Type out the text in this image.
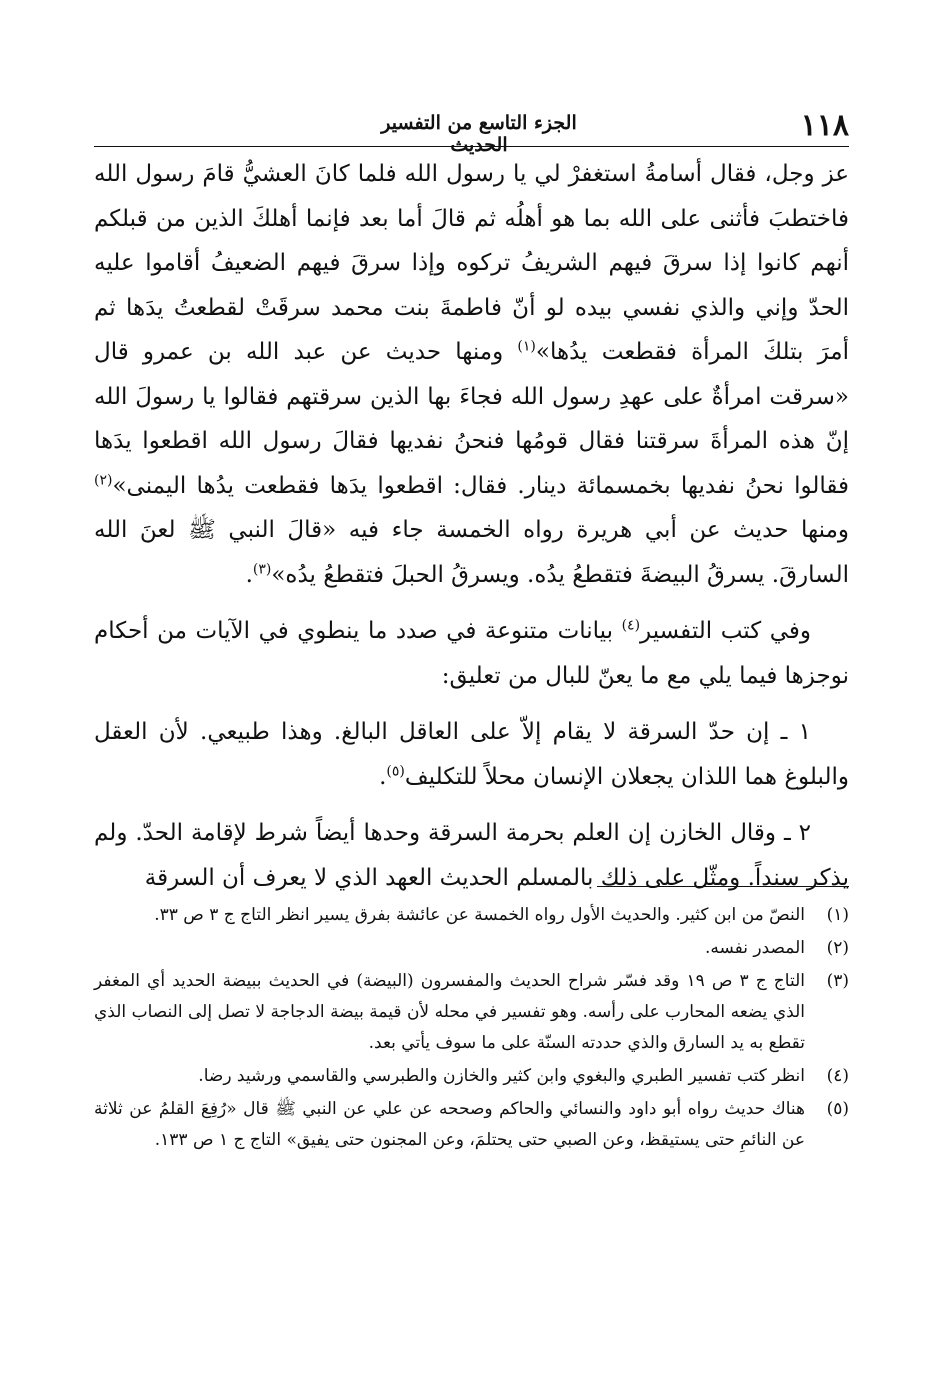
١١٨
الجزء التاسع من التفسير الحديث

عز وجل، فقال أسامةُ استغفرْ لي يا رسول الله فلما كانَ العشيُّ قامَ رسول الله فاختطبَ فأثنى على الله بما هو أهلُه ثم قالَ أما بعد فإنما أهلكَ الذين من قبلكم أنهم كانوا إذا سرقَ فيهم الشريفُ تركوه وإذا سرقَ فيهم الضعيفُ أقاموا عليه الحدّ وإني والذي نفسي بيده لو أنّ فاطمةَ بنت محمد سرقَتْ لقطعتُ يدَها ثم أمرَ بتلكَ المرأة فقطعت يدُها»$^{(١)}$ ومنها حديث عن عبد الله بن عمرو قال «سرقت امرأةٌ على عهدِ رسول الله فجاءَ بها الذين سرقتهم فقالوا يا رسولَ الله إنّ هذه المرأةَ سرقتنا فقال قومُها فنحنُ نفديها فقالَ رسول الله اقطعوا يدَها فقالوا نحنُ نفديها بخمسمائة دينار. فقال: اقطعوا يدَها فقطعت يدُها اليمنى»$^{(٢)}$ ومنها حديث عن أبي هريرة رواه الخمسة جاء فيه «قالَ النبي ﷺ لعنَ الله السارقَ. يسرقُ البيضةَ فتقطعُ يدُه. ويسرقُ الحبلَ فتقطعُ يدُه»$^{(٣)}$.

وفي كتب التفسير$^{(٤)}$ بيانات متنوعة في صدد ما ينطوي في الآيات من أحكام نوجزها فيما يلي مع ما يعنّ للبال من تعليق:

١ ـ إن حدّ السرقة لا يقام إلاّ على العاقل البالغ. وهذا طبيعي. لأن العقل والبلوغ هما اللذان يجعلان الإنسان محلاً للتكليف$^{(٥)}$.

٢ ـ وقال الخازن إن العلم بحرمة السرقة وحدها أيضاً شرط لإقامة الحدّ. ولم يذكر سنداً. ومثّل على ذلك بالمسلم الحديث العهد الذي لا يعرف أن السرقة

(١)
النصّ من ابن كثير. والحديث الأول رواه الخمسة عن عائشة بفرق يسير انظر التاج ج ٣ ص ٣٣.
(٢)
المصدر نفسه.
(٣)
التاج ج ٣ ص ١٩ وقد فسّر شراح الحديث والمفسرون (البيضة) في الحديث ببيضة الحديد أي المغفر الذي يضعه المحارب على رأسه. وهو تفسير في محله لأن قيمة بيضة الدجاجة لا تصل إلى النصاب الذي تقطع به يد السارق والذي حددته السنّة على ما سوف يأتي بعد.
(٤)
انظر كتب تفسير الطبري والبغوي وابن كثير والخازن والطبرسي والقاسمي ورشيد رضا.
(٥)
هناك حديث رواه أبو داود والنسائي والحاكم وصححه عن علي عن النبي ﷺ قال «رُفِعَ القلمُ عن ثلاثة عن النائمِ حتى يستيقظ، وعن الصبي حتى يحتلمَ، وعن المجنون حتى يفيق» التاج ج ١ ص ١٣٣.
